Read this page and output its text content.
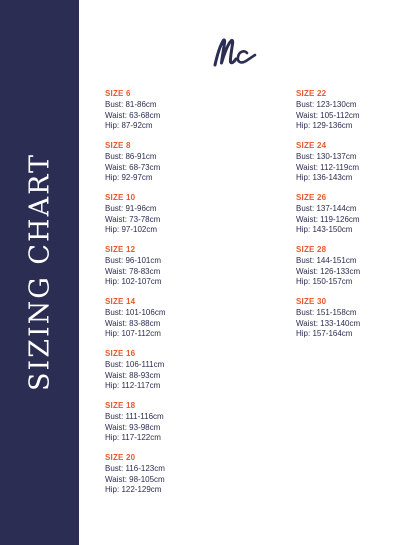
SIZING CHART
SIZE 6
Bust: 81-86cm
Waist: 63-68cm
Hip: 87-92cm
SIZE 8
Bust: 86-91cm
Waist: 68-73cm
Hip: 92-97cm
SIZE 10
Bust: 91-96cm
Waist: 73-78cm
Hip: 97-102cm
SIZE 12
Bust: 96-101cm
Waist: 78-83cm
Hip: 102-107cm
SIZE 14
Bust: 101-106cm
Waist: 83-88cm
Hip: 107-112cm
SIZE 16
Bust: 106-111cm
Waist: 88-93cm
Hip: 112-117cm
SIZE 18
Bust: 111-116cm
Waist: 93-98cm
Hip: 117-122cm
SIZE 20
Bust: 116-123cm
Waist: 98-105cm
Hip: 122-129cm
SIZE 22
Bust: 123-130cm
Waist: 105-112cm
Hip: 129-136cm
SIZE 24
Bust: 130-137cm
Waist: 112-119cm
Hip: 136-143cm
SIZE 26
Bust: 137-144cm
Waist: 119-126cm
Hip: 143-150cm
SIZE 28
Bust: 144-151cm
Waist: 126-133cm
Hip: 150-157cm
SIZE 30
Bust: 151-158cm
Waist: 133-140cm
Hip: 157-164cm
